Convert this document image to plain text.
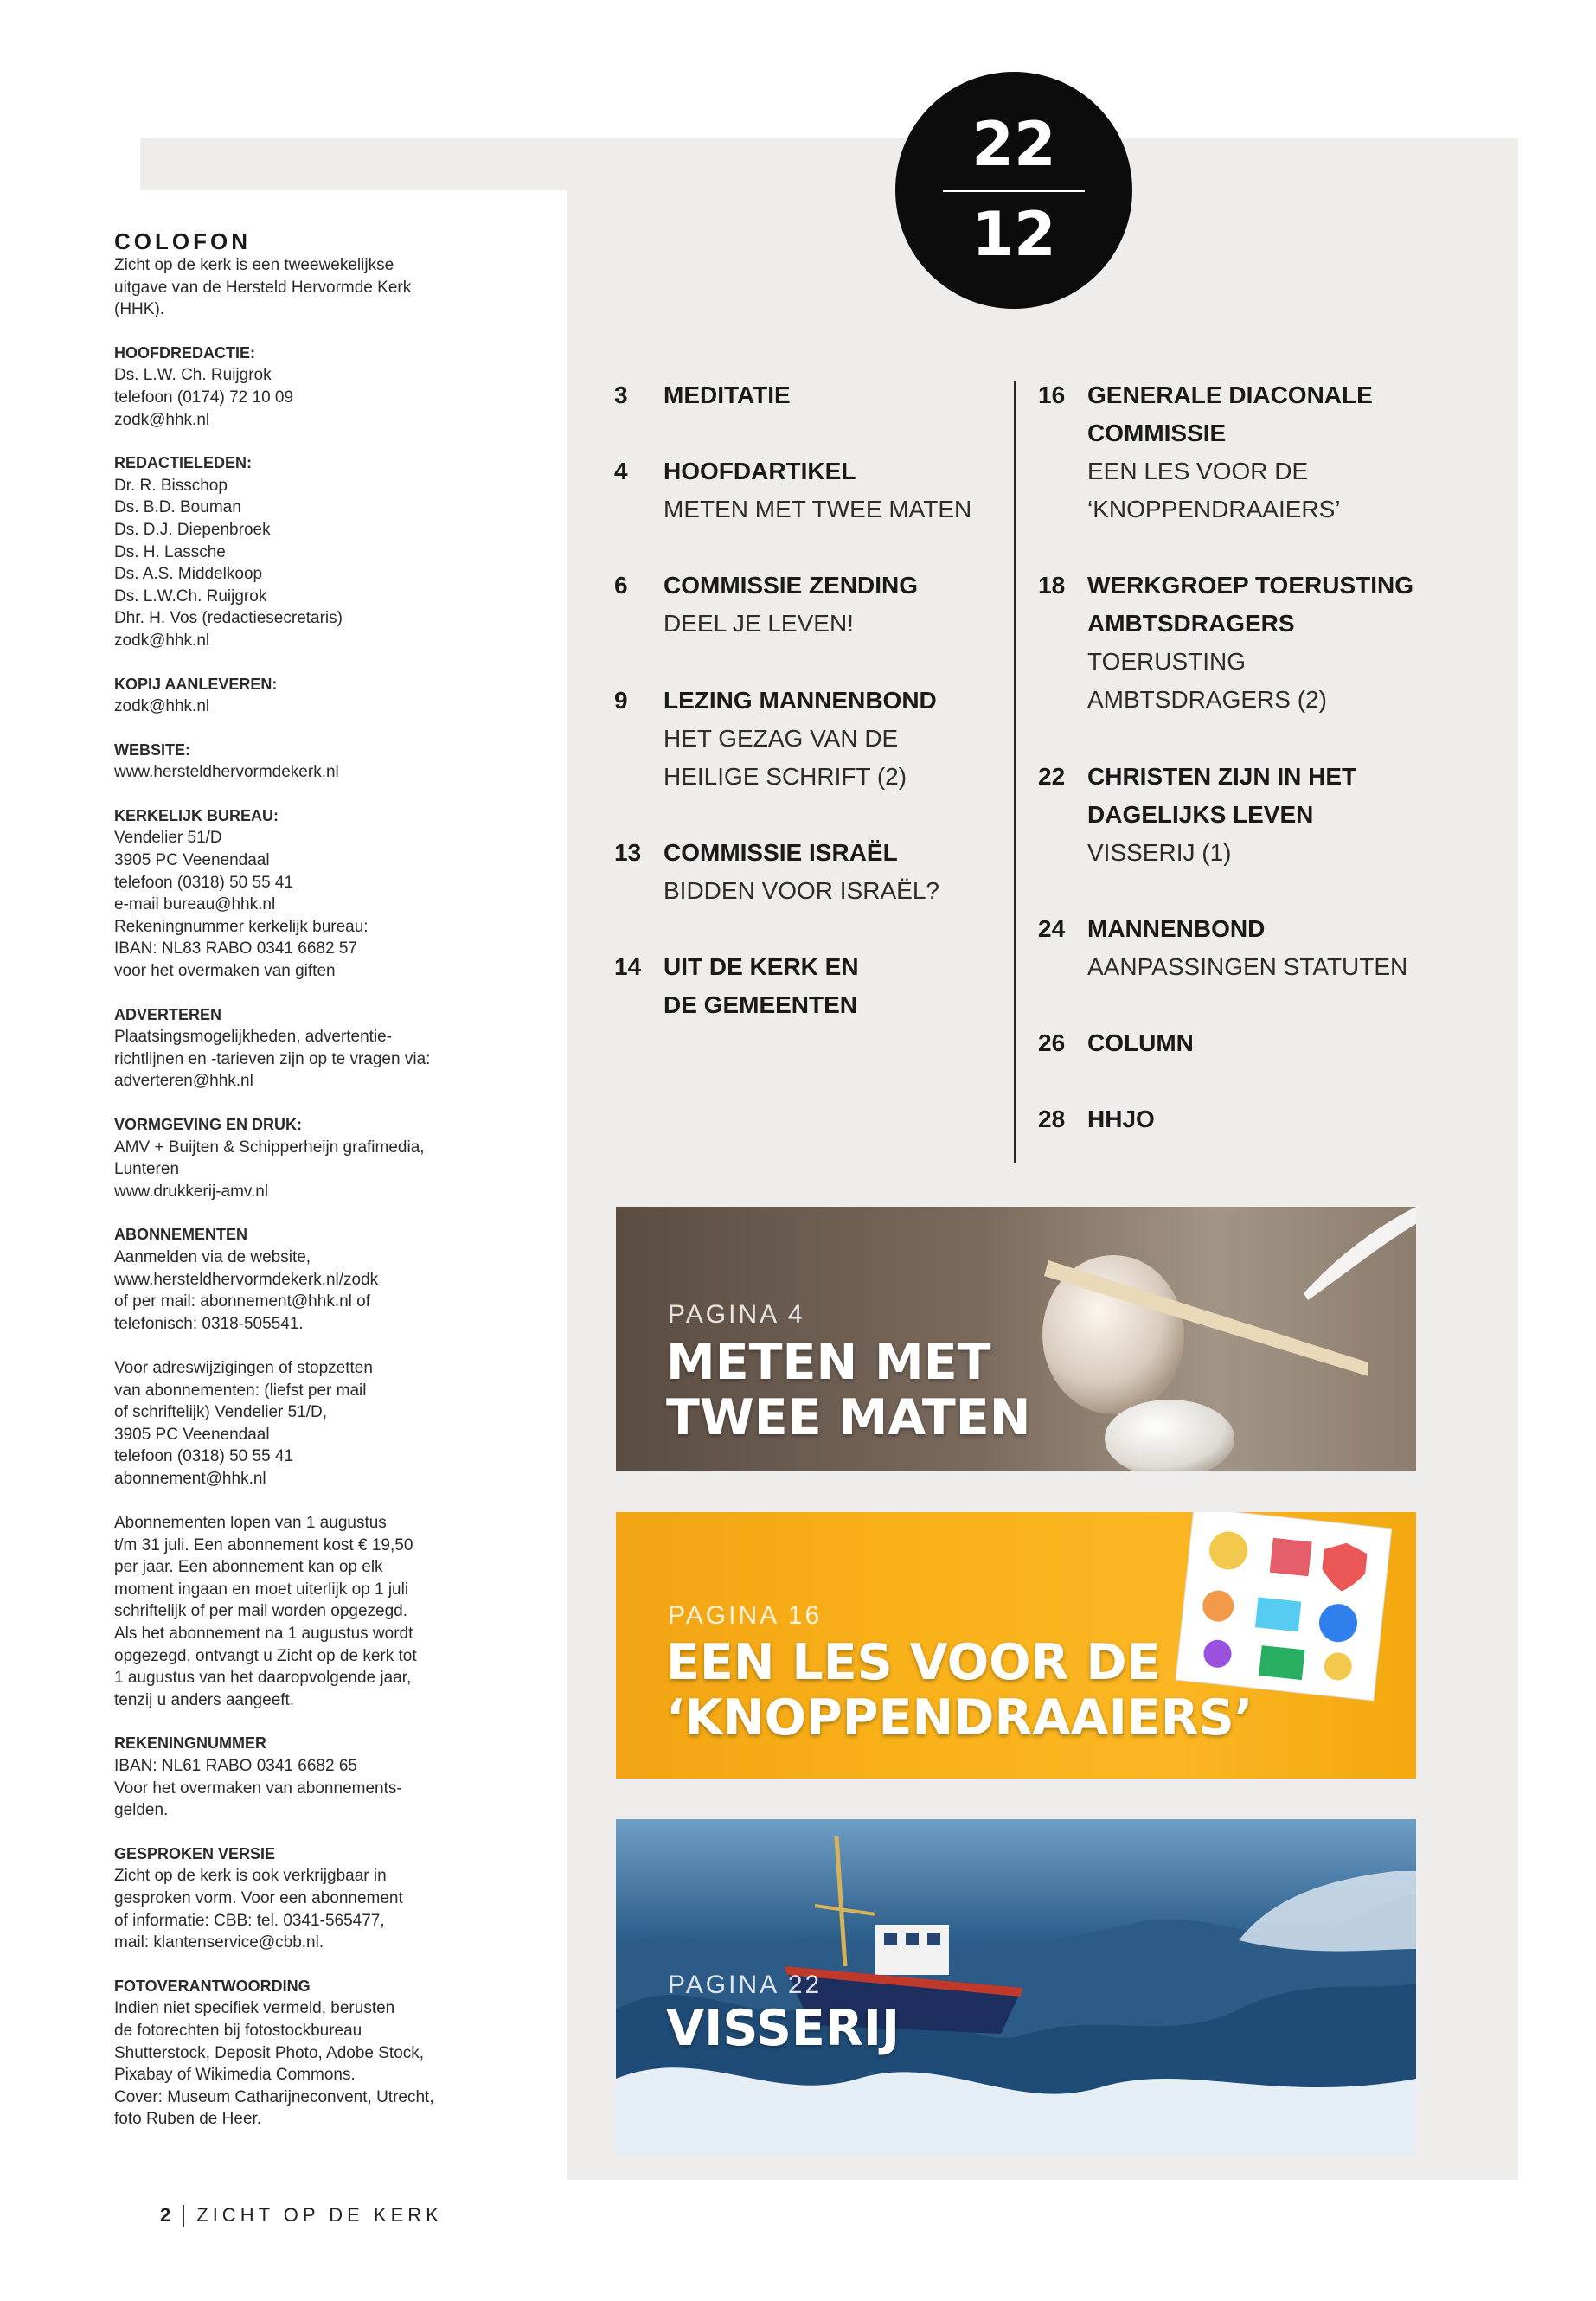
COLOFON
Zicht op de kerk is een tweewekelijkse
uitgave van de Hersteld Hervormde Kerk
(HHK).
HOOFDREDACTIE:
Ds. L.W. Ch. Ruijgrok
telefoon (0174) 72 10 09
zodk@hhk.nl
REDACTIELEDEN:
Dr. R. Bisschop
Ds. B.D. Bouman
Ds. D.J. Diepenbroek
Ds. H. Lassche
Ds. A.S. Middelkoop
Ds. L.W.Ch. Ruijgrok
Dhr. H. Vos (redactiesecretaris)
zodk@hhk.nl
KOPIJ AANLEVEREN:
zodk@hhk.nl
WEBSITE:
www.hersteldhervormdekerk.nl
KERKELIJK BUREAU:
Vendelier 51/D
3905 PC Veenendaal
telefoon (0318) 50 55 41
e-mail bureau@hhk.nl
Rekeningnummer kerkelijk bureau:
IBAN: NL83 RABO 0341 6682 57
voor het overmaken van giften
ADVERTEREN
Plaatsingsmogelijkheden, advertentie-
richtlijnen en -tarieven zijn op te vragen via:
adverteren@hhk.nl
VORMGEVING EN DRUK:
AMV + Buijten & Schipperheijn grafimedia,
Lunteren
www.drukkerij-amv.nl
ABONNEMENTEN
Aanmelden via de website,
www.hersteldhervormdekerk.nl/zodk
of per mail: abonnement@hhk.nl of
telefonisch: 0318-505541.
Voor adreswijzigingen of stopzetten
van abonnementen: (liefst per mail
of schriftelijk) Vendelier 51/D,
3905 PC Veenendaal
telefoon (0318) 50 55 41
abonnement@hhk.nl
Abonnementen lopen van 1 augustus
t/m 31 juli. Een abonnement kost € 19,50
per jaar. Een abonnement kan op elk
moment ingaan en moet uiterlijk op 1 juli
schriftelijk of per mail worden opgezegd.
Als het abonnement na 1 augustus wordt
opgezegd, ontvangt u Zicht op de kerk tot
1 augustus van het daaropvolgende jaar,
tenzij u anders aangeeft.
REKENINGNUMMER
IBAN: NL61 RABO 0341 6682 65
Voor het overmaken van abonnements-
gelden.
GESPROKEN VERSIE
Zicht op de kerk is ook verkrijgbaar in
gesproken vorm. Voor een abonnement
of informatie: CBB: tel. 0341-565477,
mail: klantenservice@cbb.nl.
FOTOVERANTWOORDING
Indien niet specifiek vermeld, berusten
de fotorechten bij fotostockbureau
Shutterstock, Deposit Photo, Adobe Stock,
Pixabay of Wikimedia Commons.
Cover: Museum Catharijneconvent, Utrecht,
foto Ruben de Heer.
22
12
3	MEDITATIE
4	HOOFDARTIKEL
METEN MET TWEE MATEN
6	COMMISSIE ZENDING
DEEL JE LEVEN!
9	LEZING MANNENBOND
HET GEZAG VAN DE
HEILIGE SCHRIFT (2)
13 COMMISSIE ISRAËL
BIDDEN VOOR ISRAËL?
14 UIT DE KERK EN
DE GEMEENTEN
16 GENERALE DIACONALE
COMMISSIE
EEN LES VOOR DE
‘KNOPPENDRAAIERS’
18 WERKGROEP TOERUSTING
AMBTSDRAGERS
TOERUSTING
AMBTSDRAGERS (2)
22 CHRISTEN ZIJN IN HET
DAGELIJKS LEVEN
VISSERIJ (1)
24 MANNENBOND
AANPASSINGEN STATUTEN
26 COLUMN
28 HHJO
PAGINA 4
METEN MET
TWEE MATEN
PAGINA 16
EEN LES VOOR DE
‘KNOPPENDRAAIERS’
PAGINA 22
VISSERIJ
2 ZICHT OP DE KERK
